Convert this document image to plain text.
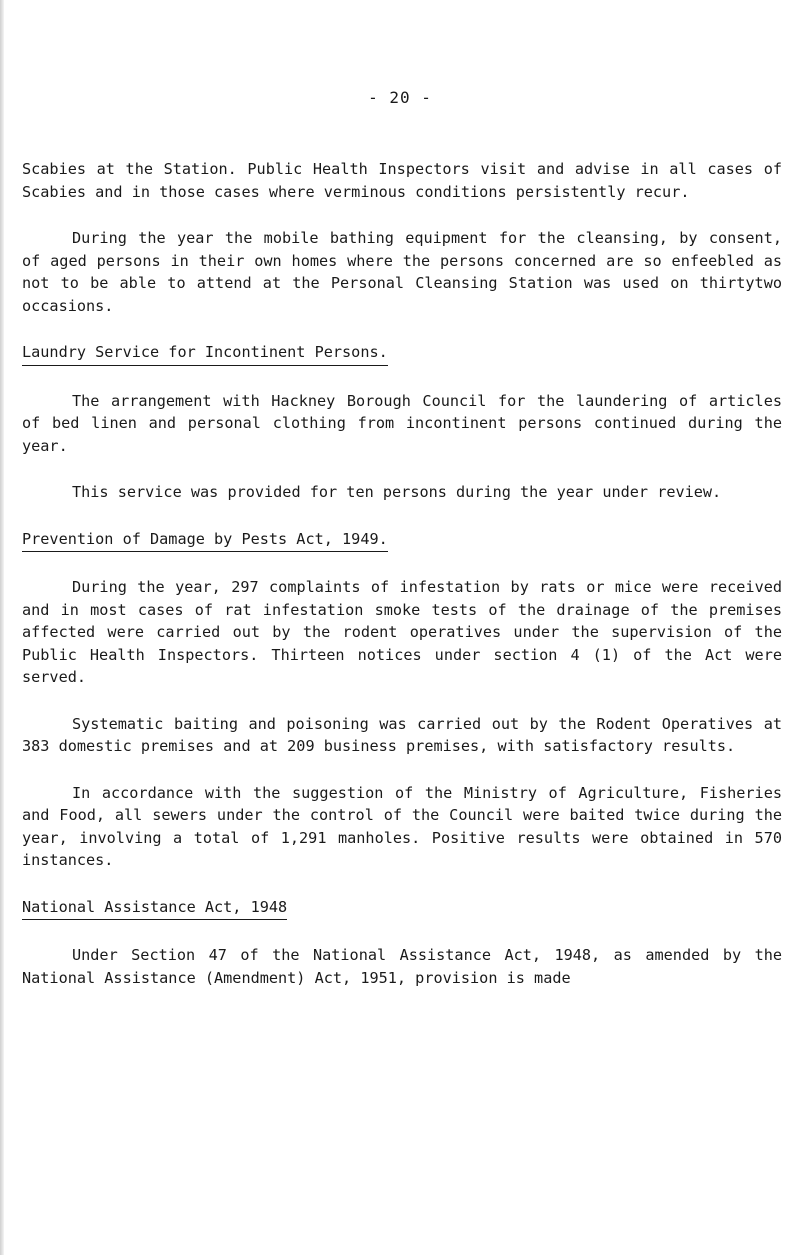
- 20 -

Scabies at the Station. Public Health Inspectors visit and advise in all cases of Scabies and in those cases where verminous conditions persistently recur.

During the year the mobile bathing equipment for the cleansing, by consent, of aged persons in their own homes where the persons concerned are so enfeebled as not to be able to attend at the Personal Cleansing Station was used on thirtytwo occasions.

Laundry Service for Incontinent Persons.

The arrangement with Hackney Borough Council for the laundering of articles of bed linen and personal clothing from incontinent persons continued during the year.

This service was provided for ten persons during the year under review.

Prevention of Damage by Pests Act, 1949.

During the year, 297 complaints of infestation by rats or mice were received and in most cases of rat infestation smoke tests of the drainage of the premises affected were carried out by the rodent operatives under the supervision of the Public Health Inspectors. Thirteen notices under section 4 (1) of the Act were served.

Systematic baiting and poisoning was carried out by the Rodent Operatives at 383 domestic premises and at 209 business premises, with satisfactory results.

In accordance with the suggestion of the Ministry of Agriculture, Fisheries and Food, all sewers under the control of the Council were baited twice during the year, involving a total of 1,291 manholes. Positive results were obtained in 570 instances.

National Assistance Act, 1948

Under Section 47 of the National Assistance Act, 1948, as amended by the National Assistance (Amendment) Act, 1951, provision is made
